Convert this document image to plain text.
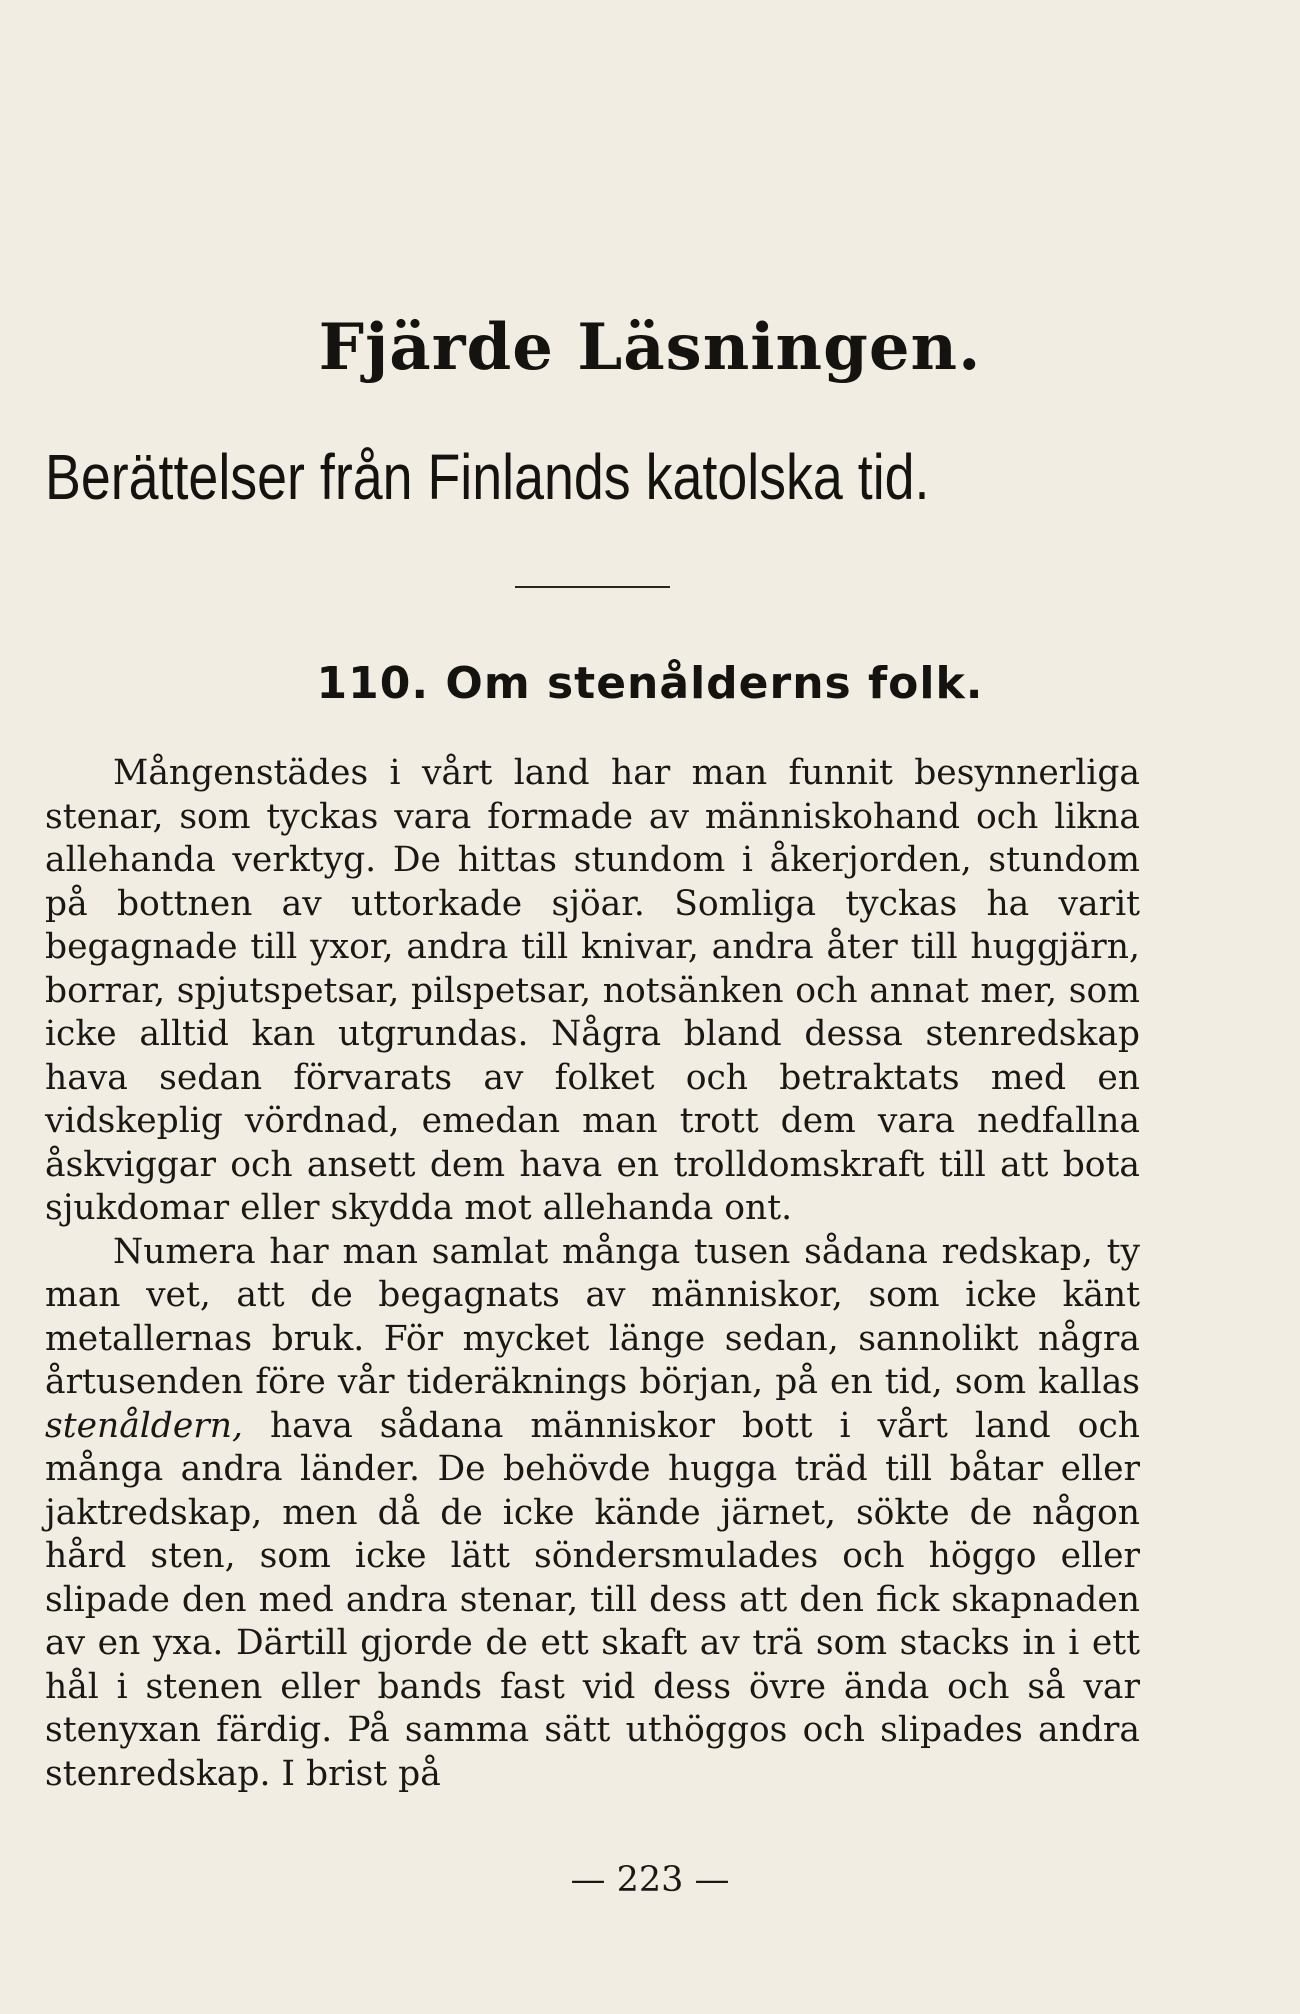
Fjärde Läsningen.
Berättelser från Finlands katolska tid.
110. Om stenålderns folk.

Mångenstädes i vårt land har man funnit besynnerliga stenar, som tyckas vara formade av människohand och likna allehanda verktyg. De hittas stundom i åkerjorden, stundom på bottnen av uttorkade sjöar. Somliga tyckas ha varit begagnade till yxor, andra till knivar, andra åter till huggjärn, borrar, spjutspetsar, pilspetsar, notsänken och annat mer, som icke alltid kan utgrundas. Några bland dessa stenredskap hava sedan förvarats av folket och betraktats med en vidskeplig vördnad, emedan man trott dem vara nedfallna åskviggar och ansett dem hava en trolldomskraft till att bota sjukdomar eller skydda mot allehanda ont.

Numera har man samlat många tusen sådana redskap, ty man vet, att de begagnats av människor, som icke känt metallernas bruk. För mycket länge sedan, sannolikt några årtusenden före vår tideräknings början, på en tid, som kallas stenåldern, hava sådana människor bott i vårt land och många andra länder. De behövde hugga träd till båtar eller jaktredskap, men då de icke kände järnet, sökte de någon hård sten, som icke lätt söndersmulades och höggo eller slipade den med andra stenar, till dess att den fick skapnaden av en yxa. Därtill gjorde de ett skaft av trä som stacks in i ett hål i stenen eller bands fast vid dess övre ända och så var stenyxan färdig. På samma sätt uthöggos och slipades andra stenredskap. I brist på

— 223 —
